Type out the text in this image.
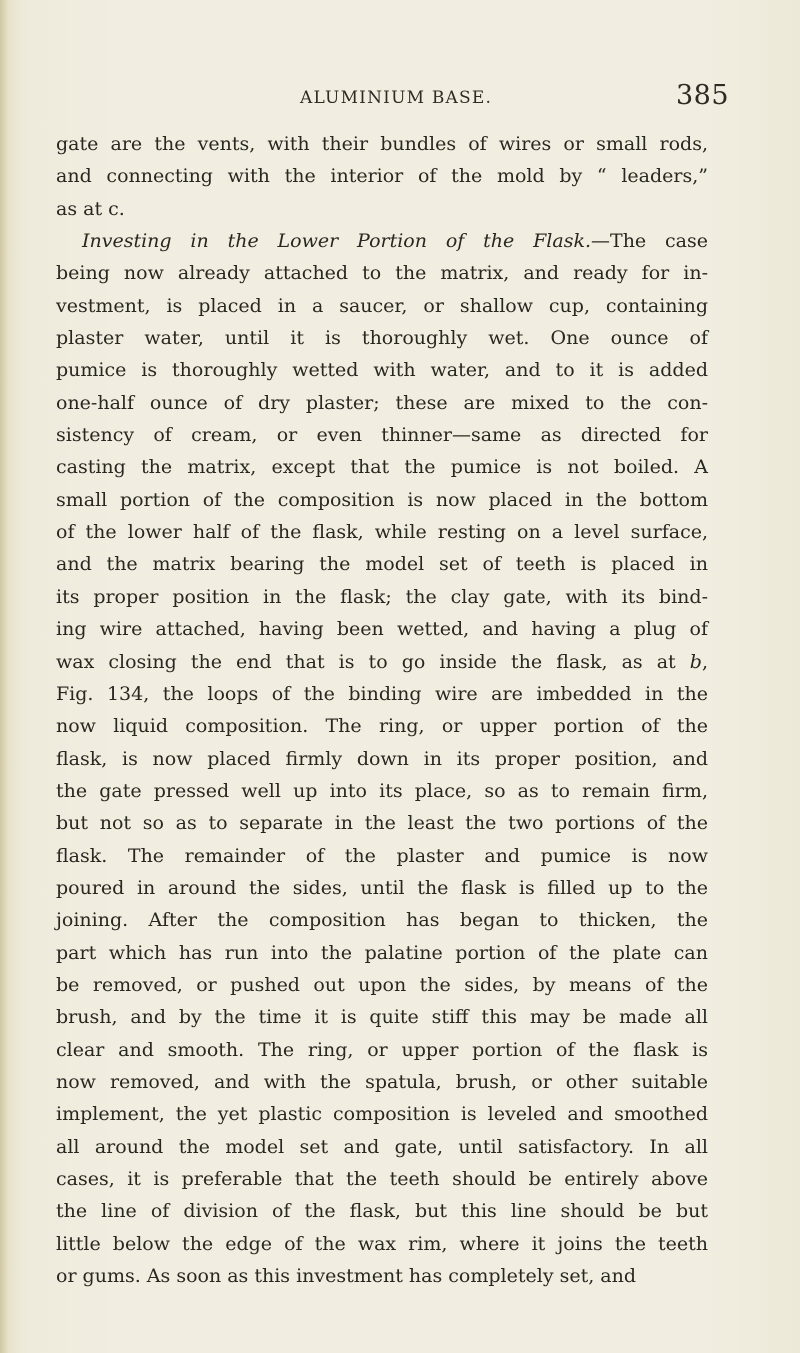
ALUMINIUM BASE.	385
gate are the vents, with their bundles of wires or small rods,
and connecting with the interior of the mold by “ leaders,”
as at c.
Investing in the Lower Portion of the Flask.—The case
being now already attached to the matrix, and ready for in-
vestment, is placed in a saucer, or shallow cup, containing
plaster water, until it is thoroughly wet. One ounce of
pumice is thoroughly wetted with water, and to it is added
one-half ounce of dry plaster; these are mixed to the con-
sistency of cream, or even thinner—same as directed for
casting the matrix, except that the pumice is not boiled. A
small portion of the composition is now placed in the bottom
of the lower half of the flask, while resting on a level surface,
and the matrix bearing the model set of teeth is placed in
its proper position in the flask; the clay gate, with its bind-
ing wire attached, having been wetted, and having a plug of
wax closing the end that is to go inside the flask, as at b,
Fig. 134, the loops of the binding wire are imbedded in the
now liquid composition. The ring, or upper portion of the
flask, is now placed firmly down in its proper position, and
the gate pressed well up into its place, so as to remain firm,
but not so as to separate in the least the two portions of the
flask. The remainder of the plaster and pumice is now
poured in around the sides, until the flask is filled up to the
joining. After the composition has began to thicken, the
part which has run into the palatine portion of the plate can
be removed, or pushed out upon the sides, by means of the
brush, and by the time it is quite stiff this may be made all
clear and smooth. The ring, or upper portion of the flask is
now removed, and with the spatula, brush, or other suitable
implement, the yet plastic composition is leveled and smoothed
all around the model set and gate, until satisfactory. In all
cases, it is preferable that the teeth should be entirely above
the line of division of the flask, but this line should be but
little below the edge of the wax rim, where it joins the teeth
or gums. As soon as this investment has completely set, and
